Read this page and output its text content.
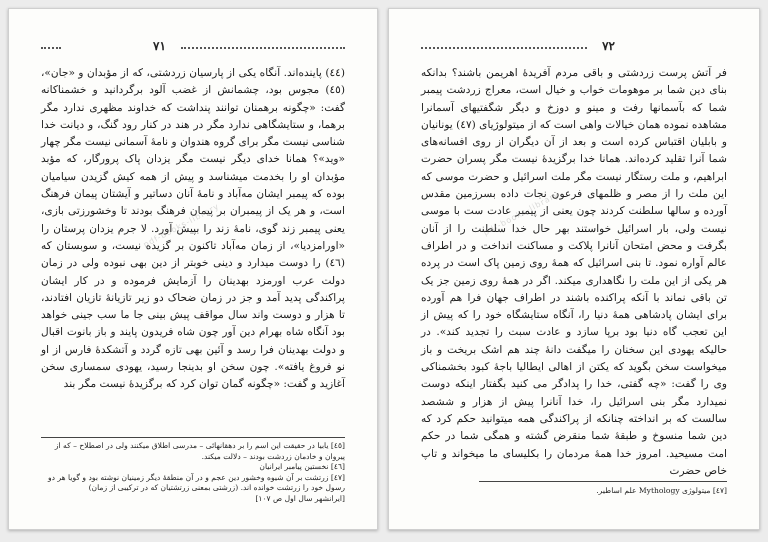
٧١

(٤٤) پاینده‌اند. آنگاه یکی از پارسیان زردشتی، که از مؤبدان و «جان»، (٤٥) مجوس بود، چشمانش از غضب آلود برگردانید و خشمناکانه گفت: «چگونه برهمنان توانند پنداشت که خداوند مظهری ندارد مگر برهما، و ستایشگاهی ندارد مگر در هند در کنار رود گنگ، و دیانت خدا شناسی نیست مگر برای گروه هندوان و نامهٔ آسمانی نیست مگر چهار «وید»؟ همانا خدای دیگر نیست مگر یزدان پاک پرورگار، که مؤبد مؤبدان او را بخدمت میشناسد و پیش از همه کیش گزیدن سیامیان بوده که پیمبر ایشان مه‌آباد و نامهٔ آنان دساتیر و آیشتان پیمان فرهنگ است، و هر یک از پیمبران بر پیمان فرهنگ بودند تا وخشورزتی بازی، یعنی پیمبر زند گوی، نامهٔ زند را بپیش آورد. لا جرم یزدان پرستان را «اورامزدیا»، از زمان مه‌آباد تاکنون بر گزیده نیست، و سوبستان که (٤٦) را دوست میدارد و دینی خوبتر از دین بهی نبوده ولی در زمان دولت عرب اورمزد بهدینان را آزمایش فرموده و در کار ایشان پراکندگی پدید آمد و جز در زمان ضحاک دو زیر تازیانهٔ تازیان افتادند، تا هزار و دوست واند سال مواقف پیش بینی جا ما سب جینی خواهد بود آنگاه شاه بهرام دین آور چون شاه فریدون پایند و باز بانوت اقبال و دولت بهدینان فرا رسد و آئین بهی تازه گردد و آتشکدهٔ فارس از او نو فروغ یافته». چون سخن او بدینجا رسید، یهودی سمساری سخن آغازید و گفت: «چگونه گمان توان کرد که برگزیدهٔ نیست مگر بند

pdf-books-library
[٤٥] یابیا در حقیقت این اسم را بر دهقانهائی – مدرسی اطلاق میکنند ولی در اصطلاح – که از پیروان و خادمان زردشت بودند – دلالت میکند.
[٤٦] نخستین پیامبر ایرانیان
[٤٧] زرتشت بر آن شیوه وخشور دین عجم و در آن منطقهٔ دیگر زمینیان نوشته بود و گویا هر دو رسول خود را زرتشت خوانده اند. (زرشتی بمعنی زرتشتیان که در ترکیبی از زمان)
[ایرانشهر سال اول ص ١٠٧]
٧٢

فر آتش پرست زردشتی و باقی مردم آفریدهٔ اهریمن باشند؟ بدانکه بنای دین شما بر موهومات خواب و خیال است، معراج زردشت پیمبر شما که بآسمانها رفت و مینو و دوزخ و دیگر شگفتیهای آسمانرا مشاهده نموده همان خیالات واهی است که از میتولوژیای (٤٧) یونانیان و بابلیان اقتباس کرده است و بعد از آن دیگران از روی افسانه‌های شما آنرا تقلید کرده‌اند. همانا خدا برگزیدهٔ نیست مگر پسران حضرت ابراهیم، و ملت رستگار نیست مگر ملت اسرائیل و حضرت موسی که این ملت را از مصر و ظلمهای فرعون نجات داده بسرزمین مقدس آورده و سالها سلطنت کردند چون یعنی از پیمبر عادت ست با موسی نیست ولی، بار اسرائیل خواستند بهر حال خدا سلطنت را از آنان بگرفت و محض امتحان آنانرا پلاکت و مساکنت انداخت و در اطراف عالم آواره نمود. تا بنی اسرائیل که همهٔ روی زمین پاک است در پرده هر یکی از این ملت را نگاهداری میکند. اگر در همهٔ روی زمین جز یک تن باقی نماند با آنکه پراکنده باشند در اطراف جهان فرا هم آورده برای ایشان پادشاهی همهٔ دنیا را، آنگاه ستایشگاه خود را که پیش از این تعجب گاه دنیا بود برپا سازد و عادت سبت را تجدید کند». در حالیکه یهودی این سخنان را میگفت دانهٔ چند هم اشک بریخت و باز میخواست سخن بگوید که یکتن از اهالی ایطالیا باجهٔ کبود بخشمناکی وی را گفت: «چه گفتی، خدا را پدادگر می کنید بگفتار اینکه دوست نمیدارد مگر بنی اسرائیل را، خدا آنانرا پیش از هزار و ششصد سالست که بر انداخته چنانکه از پراکندگی همه میتوانید حکم کرد که دین شما منسوخ و طبقهٔ شما منقرض گشته و همگی شما در حکم امت مسیحید. امروز خدا همهٔ مردمان را بکلیسای ما میخواند و تاپ خاص حضرت

pdf-books-library
[٤٧] میتولوژی Mythology علم اساطیر.
